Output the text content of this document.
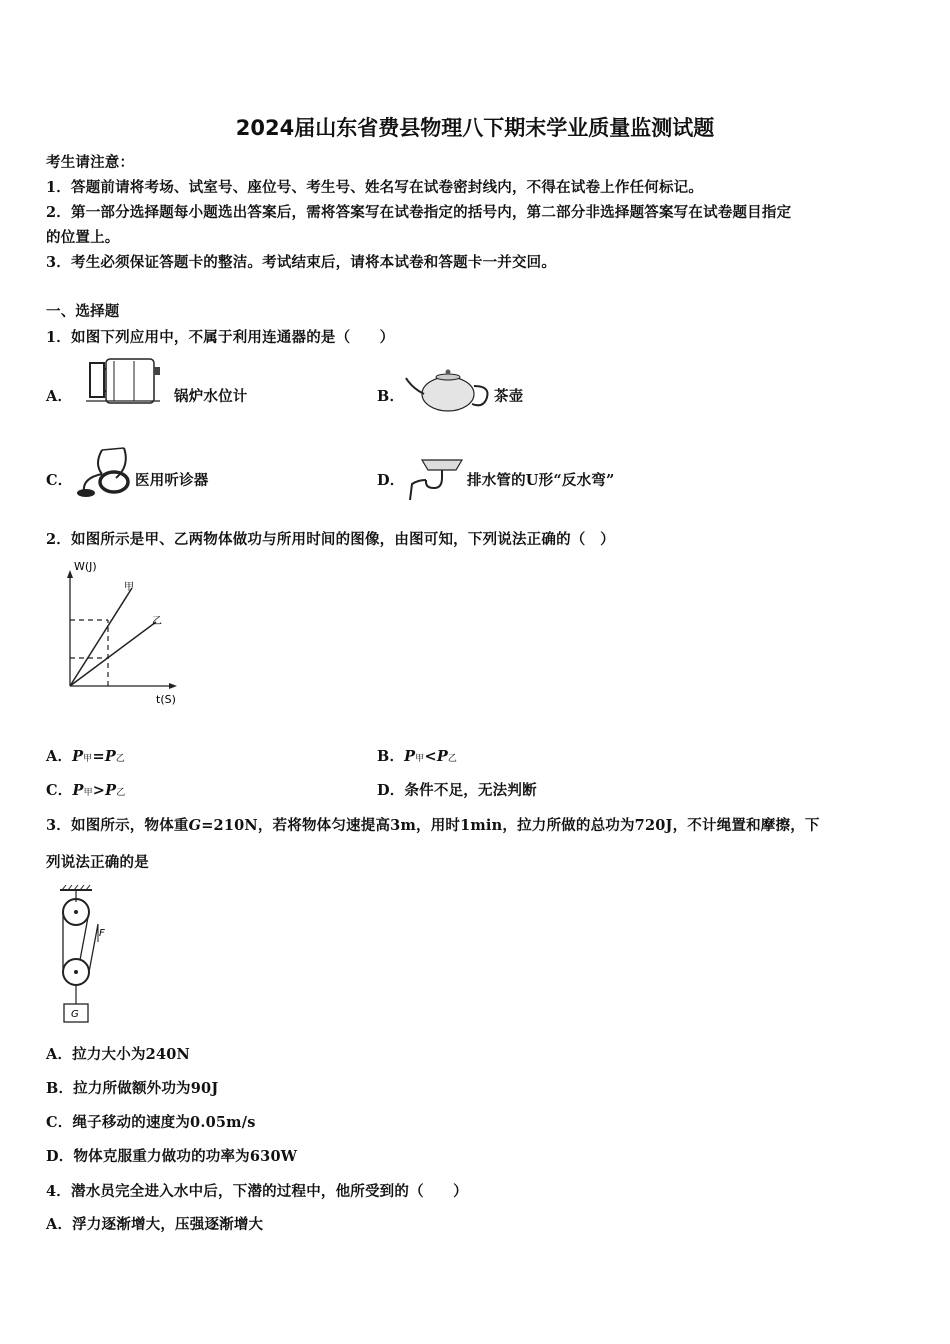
2024届山东省费县物理八下期末学业质量监测试题
考生请注意：
1．答题前请将考场、试室号、座位号、考生号、姓名写在试卷密封线内，不得在试卷上作任何标记。
2．第一部分选择题每小题选出答案后，需将答案写在试卷指定的括号内，第二部分非选择题答案写在试卷题目指定
的位置上。
3．考生必须保证答题卡的整洁。考试结束后，请将本试卷和答题卡一并交回。
一、选择题
1．如图下列应用中，不属于利用连通器的是（　　）
A．	锅炉水位计	B．	茶壶
C．	医用听诊器	D．	排水管的U形“反水弯”
2．如图所示是甲、乙两物体做功与所用时间的图像，由图可知，下列说法正确的（　）
W(J)
t(S)
甲
乙
A．P甲=P乙	B．P甲<P乙
C．P甲>P乙	D．条件不足，无法判断
3．如图所示，物体重G=210N，若将物体匀速提高3m，用时1min，拉力所做的总功为720J，不计绳置和摩擦，下
列说法正确的是
F
G
A．拉力大小为240N
B．拉力所做额外功为90J
C．绳子移动的速度为0.05m/s
D．物体克服重力做功的功率为630W
4．潜水员完全进入水中后，下潜的过程中，他所受到的（　　）
A．浮力逐渐增大，压强逐渐增大
